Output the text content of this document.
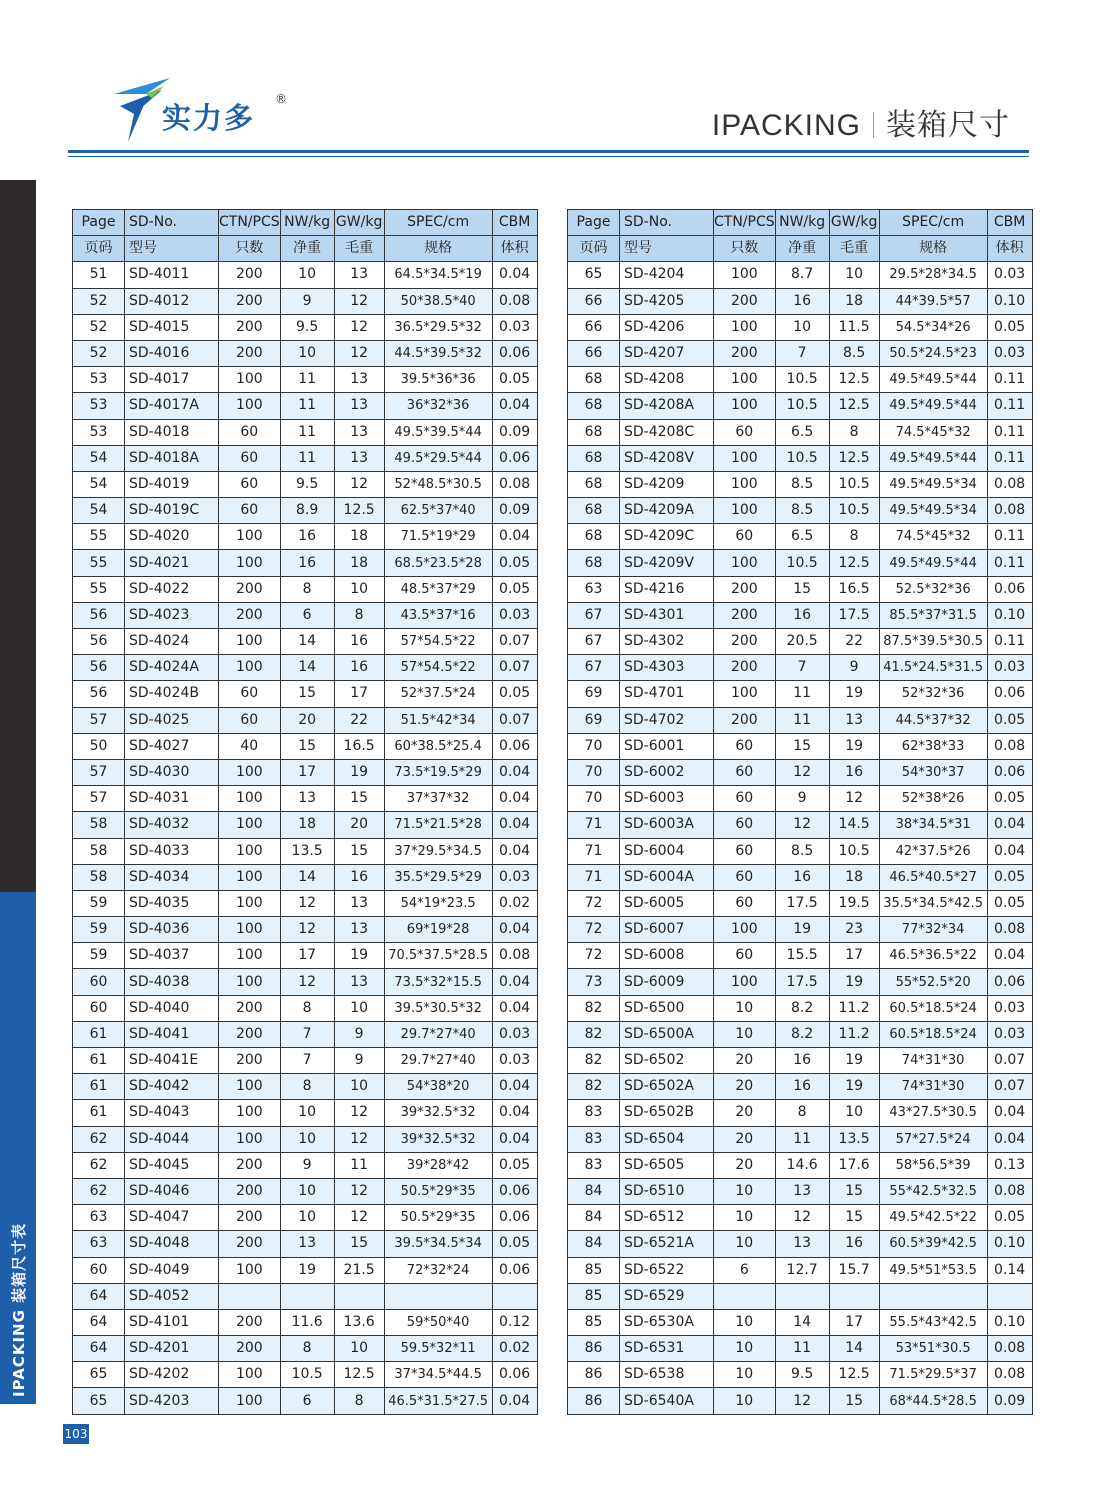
实力多
®
IPACKING 装箱尺寸
IPACKING 装箱尺寸表
103
Page	SD-No.	CTN/PCS	NW/kg	GW/kg	SPEC/cm	CBM
页码	型号	只数	净重	毛重	规格	体积
51	SD-4011	200	10	13	64.5*34.5*19	0.04
52	SD-4012	200	9	12	50*38.5*40	0.08
52	SD-4015	200	9.5	12	36.5*29.5*32	0.03
52	SD-4016	200	10	12	44.5*39.5*32	0.06
53	SD-4017	100	11	13	39.5*36*36	0.05
53	SD-4017A	100	11	13	36*32*36	0.04
53	SD-4018	60	11	13	49.5*39.5*44	0.09
54	SD-4018A	60	11	13	49.5*29.5*44	0.06
54	SD-4019	60	9.5	12	52*48.5*30.5	0.08
54	SD-4019C	60	8.9	12.5	62.5*37*40	0.09
55	SD-4020	100	16	18	71.5*19*29	0.04
55	SD-4021	100	16	18	68.5*23.5*28	0.05
55	SD-4022	200	8	10	48.5*37*29	0.05
56	SD-4023	200	6	8	43.5*37*16	0.03
56	SD-4024	100	14	16	57*54.5*22	0.07
56	SD-4024A	100	14	16	57*54.5*22	0.07
56	SD-4024B	60	15	17	52*37.5*24	0.05
57	SD-4025	60	20	22	51.5*42*34	0.07
50	SD-4027	40	15	16.5	60*38.5*25.4	0.06
57	SD-4030	100	17	19	73.5*19.5*29	0.04
57	SD-4031	100	13	15	37*37*32	0.04
58	SD-4032	100	18	20	71.5*21.5*28	0.04
58	SD-4033	100	13.5	15	37*29.5*34.5	0.04
58	SD-4034	100	14	16	35.5*29.5*29	0.03
59	SD-4035	100	12	13	54*19*23.5	0.02
59	SD-4036	100	12	13	69*19*28	0.04
59	SD-4037	100	17	19	70.5*37.5*28.5	0.08
60	SD-4038	100	12	13	73.5*32*15.5	0.04
60	SD-4040	200	8	10	39.5*30.5*32	0.04
61	SD-4041	200	7	9	29.7*27*40	0.03
61	SD-4041E	200	7	9	29.7*27*40	0.03
61	SD-4042	100	8	10	54*38*20	0.04
61	SD-4043	100	10	12	39*32.5*32	0.04
62	SD-4044	100	10	12	39*32.5*32	0.04
62	SD-4045	200	9	11	39*28*42	0.05
62	SD-4046	200	10	12	50.5*29*35	0.06
63	SD-4047	200	10	12	50.5*29*35	0.06
63	SD-4048	200	13	15	39.5*34.5*34	0.05
60	SD-4049	100	19	21.5	72*32*24	0.06
64	SD-4052					
64	SD-4101	200	11.6	13.6	59*50*40	0.12
64	SD-4201	200	8	10	59.5*32*11	0.02
65	SD-4202	100	10.5	12.5	37*34.5*44.5	0.06
65	SD-4203	100	6	8	46.5*31.5*27.5	0.04
Page	SD-No.	CTN/PCS	NW/kg	GW/kg	SPEC/cm	CBM
页码	型号	只数	净重	毛重	规格	体积
65	SD-4204	100	8.7	10	29.5*28*34.5	0.03
66	SD-4205	200	16	18	44*39.5*57	0.10
66	SD-4206	100	10	11.5	54.5*34*26	0.05
66	SD-4207	200	7	8.5	50.5*24.5*23	0.03
68	SD-4208	100	10.5	12.5	49.5*49.5*44	0.11
68	SD-4208A	100	10.5	12.5	49.5*49.5*44	0.11
68	SD-4208C	60	6.5	8	74.5*45*32	0.11
68	SD-4208V	100	10.5	12.5	49.5*49.5*44	0.11
68	SD-4209	100	8.5	10.5	49.5*49.5*34	0.08
68	SD-4209A	100	8.5	10.5	49.5*49.5*34	0.08
68	SD-4209C	60	6.5	8	74.5*45*32	0.11
68	SD-4209V	100	10.5	12.5	49.5*49.5*44	0.11
63	SD-4216	200	15	16.5	52.5*32*36	0.06
67	SD-4301	200	16	17.5	85.5*37*31.5	0.10
67	SD-4302	200	20.5	22	87.5*39.5*30.5	0.11
67	SD-4303	200	7	9	41.5*24.5*31.5	0.03
69	SD-4701	100	11	19	52*32*36	0.06
69	SD-4702	200	11	13	44.5*37*32	0.05
70	SD-6001	60	15	19	62*38*33	0.08
70	SD-6002	60	12	16	54*30*37	0.06
70	SD-6003	60	9	12	52*38*26	0.05
71	SD-6003A	60	12	14.5	38*34.5*31	0.04
71	SD-6004	60	8.5	10.5	42*37.5*26	0.04
71	SD-6004A	60	16	18	46.5*40.5*27	0.05
72	SD-6005	60	17.5	19.5	35.5*34.5*42.5	0.05
72	SD-6007	100	19	23	77*32*34	0.08
72	SD-6008	60	15.5	17	46.5*36.5*22	0.04
73	SD-6009	100	17.5	19	55*52.5*20	0.06
82	SD-6500	10	8.2	11.2	60.5*18.5*24	0.03
82	SD-6500A	10	8.2	11.2	60.5*18.5*24	0.03
82	SD-6502	20	16	19	74*31*30	0.07
82	SD-6502A	20	16	19	74*31*30	0.07
83	SD-6502B	20	8	10	43*27.5*30.5	0.04
83	SD-6504	20	11	13.5	57*27.5*24	0.04
83	SD-6505	20	14.6	17.6	58*56.5*39	0.13
84	SD-6510	10	13	15	55*42.5*32.5	0.08
84	SD-6512	10	12	15	49.5*42.5*22	0.05
84	SD-6521A	10	13	16	60.5*39*42.5	0.10
85	SD-6522	6	12.7	15.7	49.5*51*53.5	0.14
85	SD-6529					
85	SD-6530A	10	14	17	55.5*43*42.5	0.10
86	SD-6531	10	11	14	53*51*30.5	0.08
86	SD-6538	10	9.5	12.5	71.5*29.5*37	0.08
86	SD-6540A	10	12	15	68*44.5*28.5	0.09
